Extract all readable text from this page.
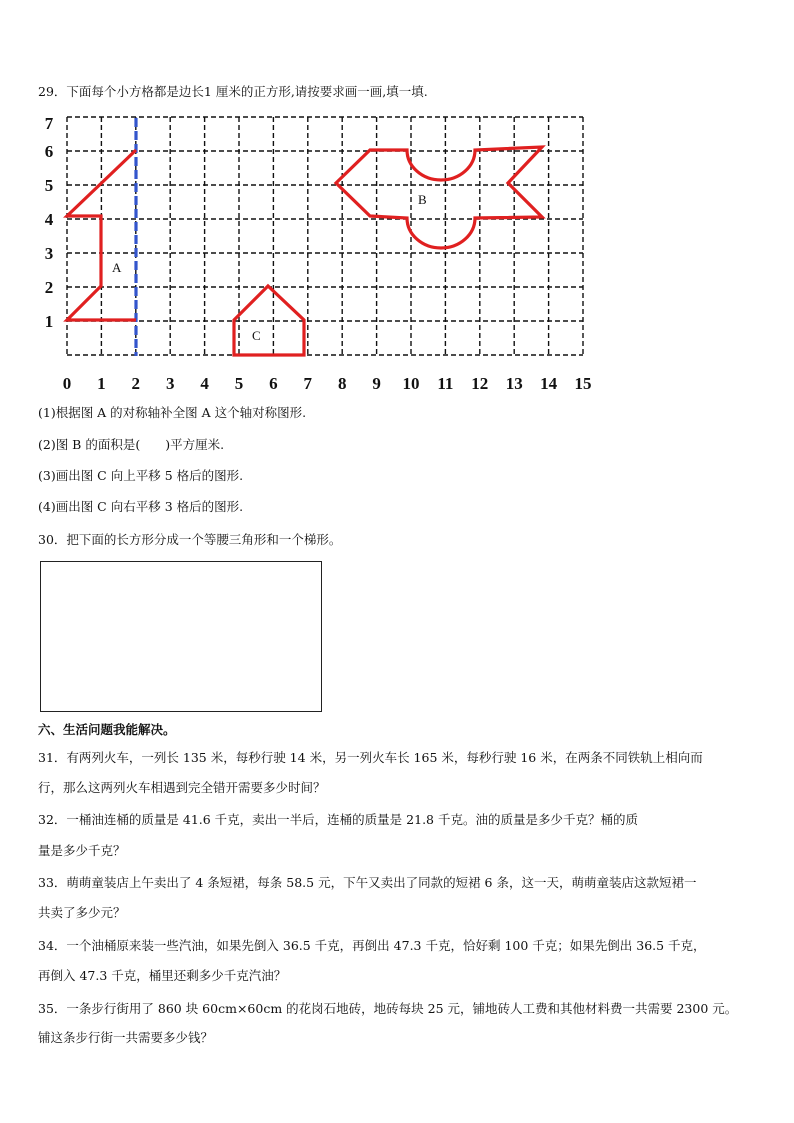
29．下面每个小方格都是边长1 厘米的正方形,请按要求画一画,填一填.
1
2
3
4
5
6
7
0 1 2 3 4 5 6 7 8 9 10 11 12 13 14 15
A
B
C
(1)根据图 A 的对称轴补全图 A 这个轴对称图形.
(2)图 B 的面积是(　　)平方厘米.
(3)画出图 C 向上平移 5 格后的图形.
(4)画出图 C 向右平移 3 格后的图形.
30．把下面的长方形分成一个等腰三角形和一个梯形。
六、生活问题我能解决。
31．有两列火车，一列长 135 米，每秒行驶 14 米，另一列火车长 165 米，每秒行驶 16 米，在两条不同铁轨上相向而
行，那么这两列火车相遇到完全错开需要多少时间？
32．一桶油连桶的质量是 41.6 千克，卖出一半后，连桶的质量是 21.8 千克。油的质量是多少千克？桶的质
量是多少千克？
33．萌萌童装店上午卖出了 4 条短裙，每条 58.5 元，下午又卖出了同款的短裙 6 条，这一天，萌萌童装店这款短裙一
共卖了多少元？
34．一个油桶原来装一些汽油，如果先倒入 36.5 千克，再倒出 47.3 千克，恰好剩 100 千克；如果先倒出 36.5 千克，
再倒入 47.3 千克，桶里还剩多少千克汽油？
35．一条步行街用了 860 块 60cm×60cm 的花岗石地砖，地砖每块 25 元，铺地砖人工费和其他材料费一共需要 2300 元。
铺这条步行街一共需要多少钱？
